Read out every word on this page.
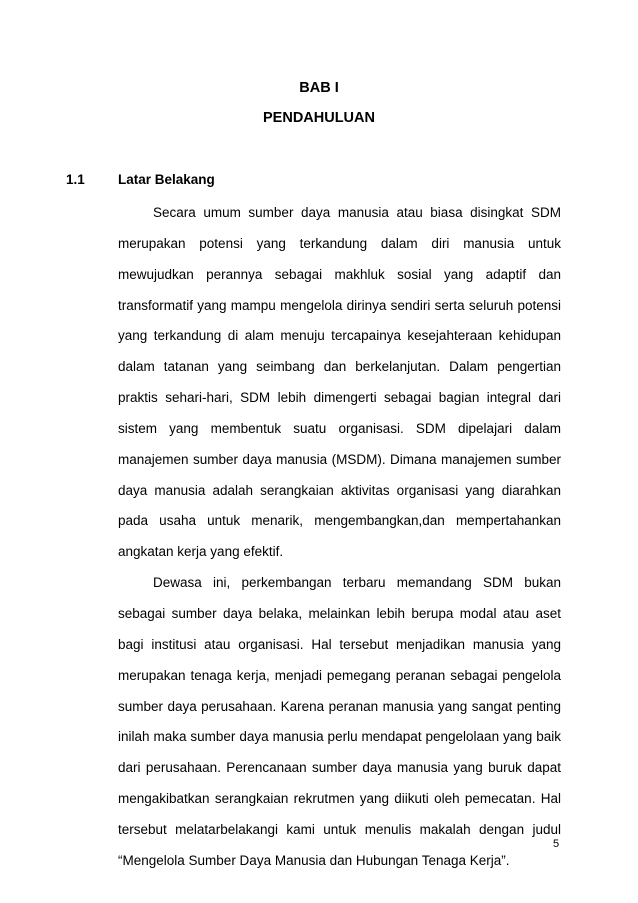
BAB I
PENDAHULUAN
1.1 Latar Belakang

Secara umum sumber daya manusia atau biasa disingkat SDM merupakan potensi yang terkandung dalam diri manusia untuk mewujudkan perannya sebagai makhluk sosial yang adaptif dan transformatif yang mampu mengelola dirinya sendiri serta seluruh potensi yang terkandung di alam menuju tercapainya kesejahteraan kehidupan dalam tatanan yang seimbang dan berkelanjutan. Dalam pengertian praktis sehari-hari, SDM lebih dimengerti sebagai bagian integral dari sistem yang membentuk suatu organisasi. SDM dipelajari dalam manajemen sumber daya manusia (MSDM). Dimana manajemen sumber daya manusia adalah serangkaian aktivitas organisasi yang diarahkan pada usaha untuk menarik, mengembangkan,dan mempertahankan angkatan kerja yang efektif.

Dewasa ini, perkembangan terbaru memandang SDM bukan sebagai sumber daya belaka, melainkan lebih berupa modal atau aset bagi institusi atau organisasi. Hal tersebut menjadikan manusia yang merupakan tenaga kerja, menjadi pemegang peranan sebagai pengelola sumber daya perusahaan. Karena peranan manusia yang sangat penting inilah maka sumber daya manusia perlu mendapat pengelolaan yang baik dari perusahaan. Perencanaan sumber daya manusia yang buruk dapat mengakibatkan serangkaian rekrutmen yang diikuti oleh pemecatan. Hal tersebut melatarbelakangi kami untuk menulis makalah dengan judul “Mengelola Sumber Daya Manusia dan Hubungan Tenaga Kerja”.

5
